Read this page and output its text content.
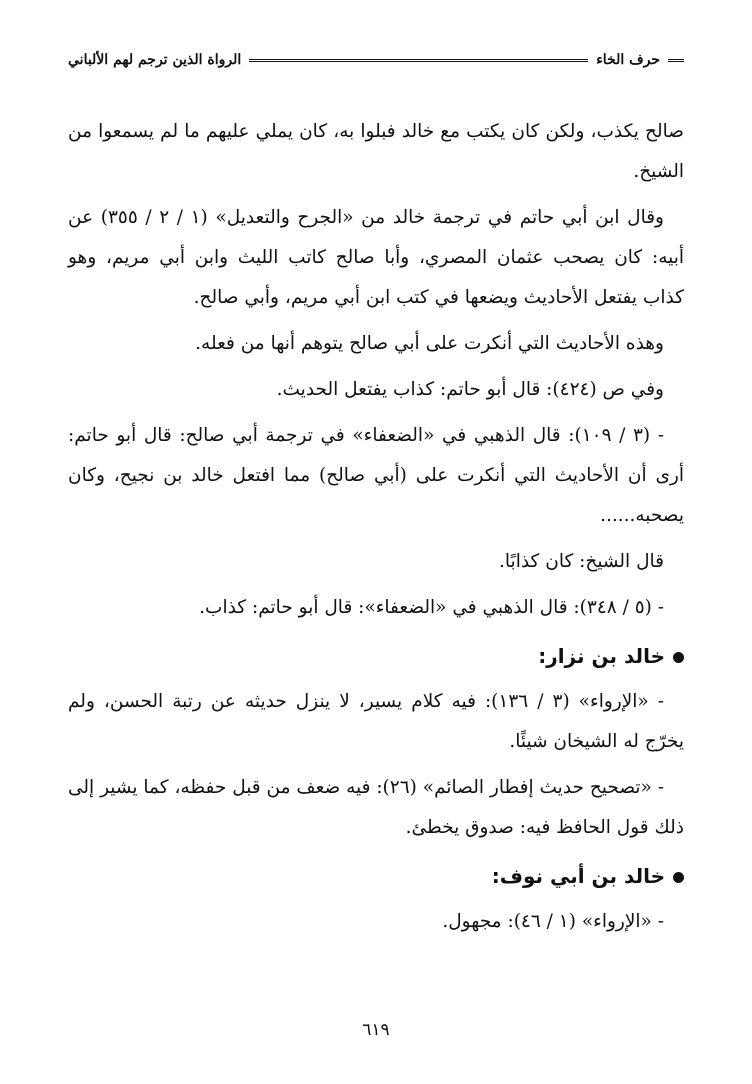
حرف الخاء
الرواة الذين ترجم لهم الألباني

صالح يكذب، ولكن كان يكتب مع خالد فبلوا به، كان يملي عليهم ما لم يسمعوا من الشيخ.

وقال ابن أبي حاتم في ترجمة خالد من «الجرح والتعديل» (١ / ٢ / ٣٥٥) عن أبيه: كان يصحب عثمان المصري، وأبا صالح كاتب الليث وابن أبي مريم، وهو كذاب يفتعل الأحاديث ويضعها في كتب ابن أبي مريم، وأبي صالح.

وهذه الأحاديث التي أنكرت على أبي صالح يتوهم أنها من فعله.

وفي ص (٤٢٤): قال أبو حاتم: كذاب يفتعل الحديث.

- (٣ / ١٠٩): قال الذهبي في «الضعفاء» في ترجمة أبي صالح: قال أبو حاتم: أرى أن الأحاديث التي أنكرت على (أبي صالح) مما افتعل خالد بن نجيح، وكان يصحبه......

قال الشيخ: كان كذابًا.

- (٥ / ٣٤٨): قال الذهبي في «الضعفاء»: قال أبو حاتم: كذاب.

خالد بن نزار:

- «الإرواء» (٣ / ١٣٦): فيه كلام يسير، لا ينزل حديثه عن رتبة الحسن، ولم يخرّج له الشيخان شيئًا.

- «تصحيح حديث إفطار الصائم» (٢٦): فيه ضعف من قبل حفظه، كما يشير إلى ذلك قول الحافظ فيه: صدوق يخطئ.

خالد بن أبي نوف:

- «الإرواء» (١ / ٤٦): مجهول.

٦١٩
